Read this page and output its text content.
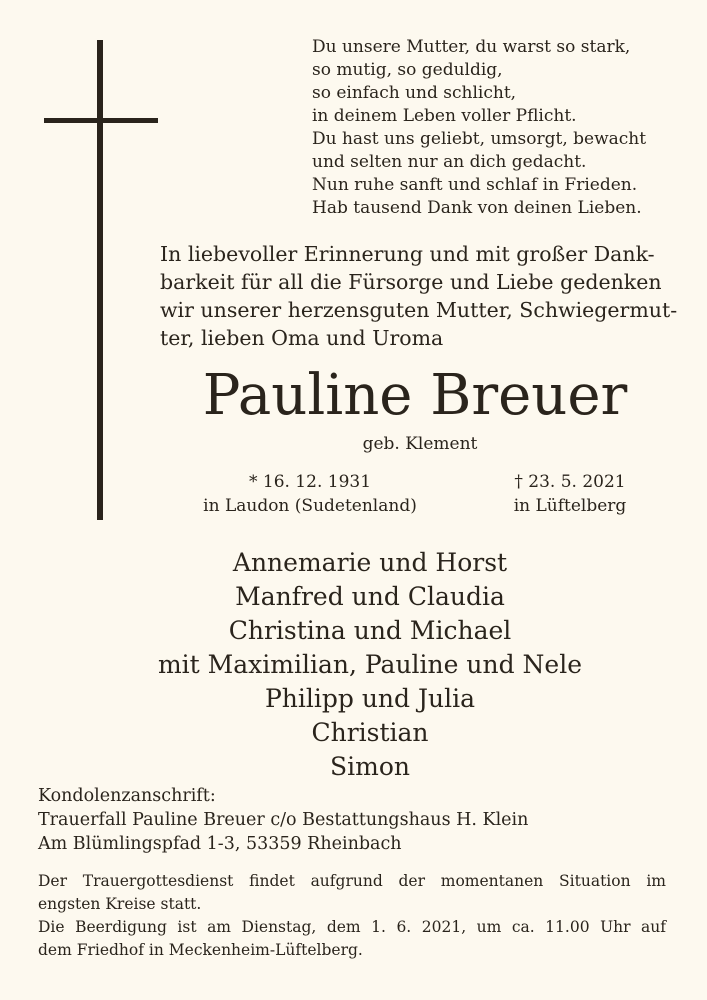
Du unsere Mutter, du warst so stark,
so mutig, so geduldig,
so einfach und schlicht,
in deinem Leben voller Pflicht.
Du hast uns geliebt, umsorgt, bewacht
und selten nur an dich gedacht.
Nun ruhe sanft und schlaf in Frieden.
Hab tausend Dank von deinen Lieben.
In liebevoller Erinnerung und mit großer Dank-
barkeit für all die Fürsorge und Liebe gedenken
wir unserer herzensguten Mutter, Schwiegermut-
ter, lieben Oma und Uroma
Pauline Breuer
geb. Klement
* 16. 12. 1931
in Laudon (Sudetenland)
† 23. 5. 2021
in Lüftelberg
Annemarie und Horst
Manfred und Claudia
Christina und Michael
mit Maximilian, Pauline und Nele
Philipp und Julia
Christian
Simon
Kondolenzanschrift:
Trauerfall Pauline Breuer c/o Bestattungshaus H. Klein
Am Blümlingspfad 1-3, 53359 Rheinbach
Der Trauergottesdienst findet aufgrund der momentanen Situation im
engsten Kreise statt.
Die Beerdigung ist am Dienstag, dem 1. 6. 2021, um ca. 11.00 Uhr auf
dem Friedhof in Meckenheim-Lüftelberg.
